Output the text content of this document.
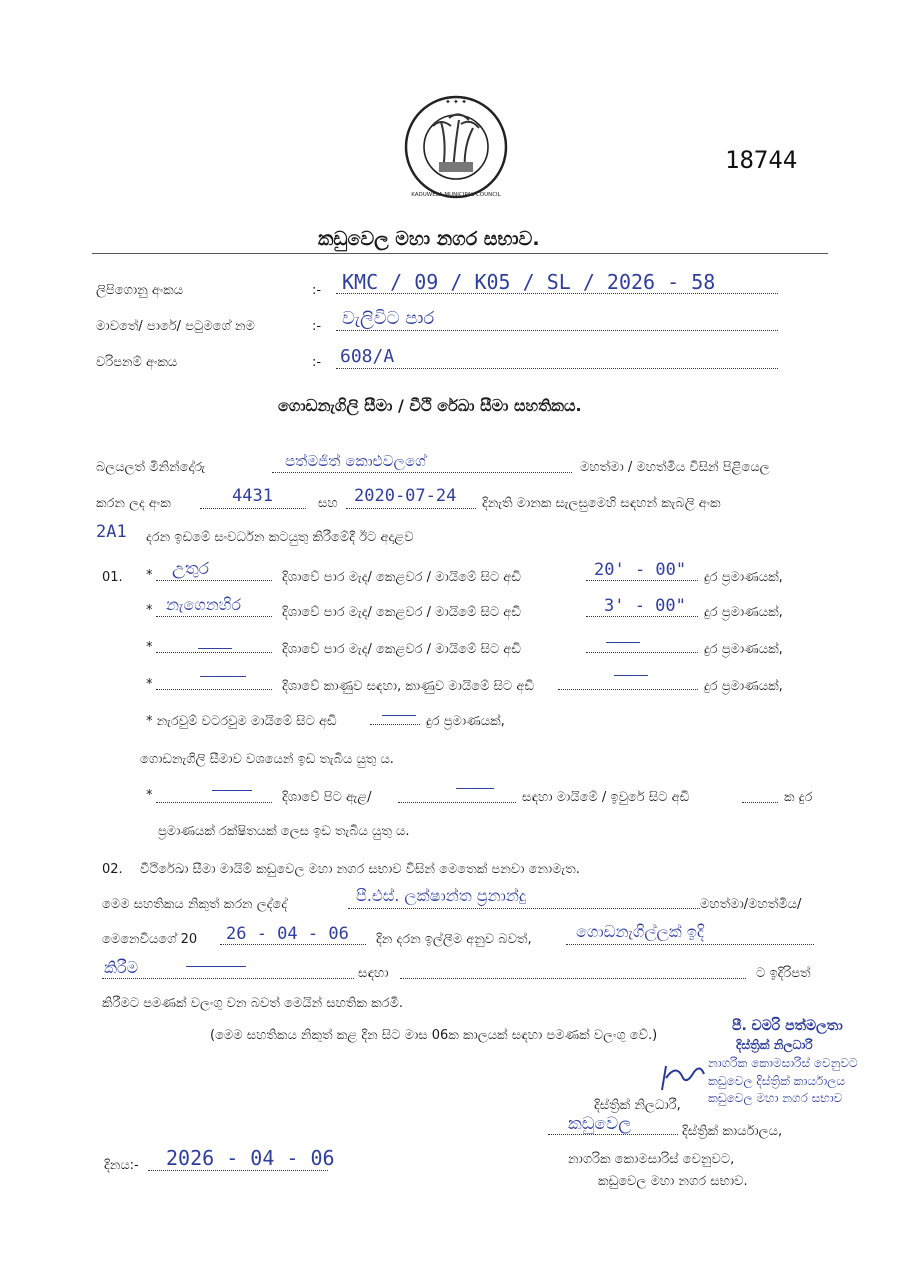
✦ ✦ ✦
KADUWELA MUNICIPAL COUNCIL
18744
කඩුවෙල මහා නගර සභාව.
ලිපිගොනු අංකය	:- KMC / 09 / K05 / SL / 2026 - 58
මාවතේ/ පාරේ/ පටුමගේ නම	:- වැලිවිට පාර
වරිපනම් අංකය	:- 608/A
ගොඩනැගිලි සීමා / වීථි රේඛා සීමා සහතිකය.
බලයලත් මිනින්දෝරු	පත්මජිත් කොළුවලගේ	මහත්මා / මහත්මිය විසින් පිළියෙල
කරන ලද අංක	4431	සහ 2020-07-24 දිනැති මානක සැලසුමෙහි සඳහන් කැබලි අංක
2A1 දරන ඉඩමේ සංවර්ධන කටයුතු කිරීමේදී ඊට අදාළව
01. * උතුර	දිශාවේ පාර මැද/ කෙළවර / මායිමේ සිට අඩි	20' - 00" දුර ප්‍රමාණයක්,
* නැගෙනහිර	දිශාවේ පාර මැද/ කෙළවර / මායිමේ සිට අඩි	3' - 00" දුර ප්‍රමාණයක්,
*	දිශාවේ පාර මැද/ කෙළවර / මායිමේ සිට අඩි	දුර ප්‍රමාණයක්,
*	දිශාවේ කාණුව සඳහා, කාණුව මායිමේ සිට අඩි	දුර ප්‍රමාණයක්,
* නැරවුම් වටරවුම මායිමේ සිට අඩි	දුර ප්‍රමාණයක්,
ගොඩනැගිලි සීමාව වශයෙන් ඉඩ තැබිය යුතු ය.
*	දිශාවේ පිට ඇළ/	සඳහා මායිමේ / ඉවුරේ සිට අඩි	ක දුර
ප්‍රමාණයක් රක්ෂිතයක් ලෙස ඉඩ තැබිය යුතු ය.
02. වීථිරේඛා සීමා මායිම් කඩුවෙල මහා නගර සභාව විසින් මෙතෙක් පනවා නොමැත.
මෙම සහතිකය නිකුත් කරන ලද්දේ	පී.එස්. ලක්ෂාන්ත ප්‍රනාන්දු	මහත්මා/මහත්මිය/
මෙනෙවියගේ 20 26 - 04 - 06 දින දරන ඉල්ලීම අනුව බවත්,	ගොඩනැගිල්ලක් ඉදි
කිරීම	සඳහා	ට ඉදිරිපත්
කිරීමට පමණක් වලංගු වන බවත් මෙයින් සහතික කරමි.
(මෙම සහතිකය නිකුත් කළ දින සිට මාස 06ක කාලයක් සඳහා පමණක් වලංගු වේ.)
පී. චමරි පත්මලතා
දිස්ත්‍රික් නිලධාරි
නාගරික කොමසාරිස් වෙනුවට
කඩුවෙල දිස්ත්‍රික් කාර්යාලය
කඩුවෙල මහා නගර සභාව
දිස්ත්‍රික් නිලධාරී,
කඩුවෙල	දිස්ත්‍රික් කාර්යාලය,
නාගරික කොමසාරිස් වෙනුවට,
කඩුවෙල මහා නගර සභාව.
දිනය:- 2026 - 04 - 06
